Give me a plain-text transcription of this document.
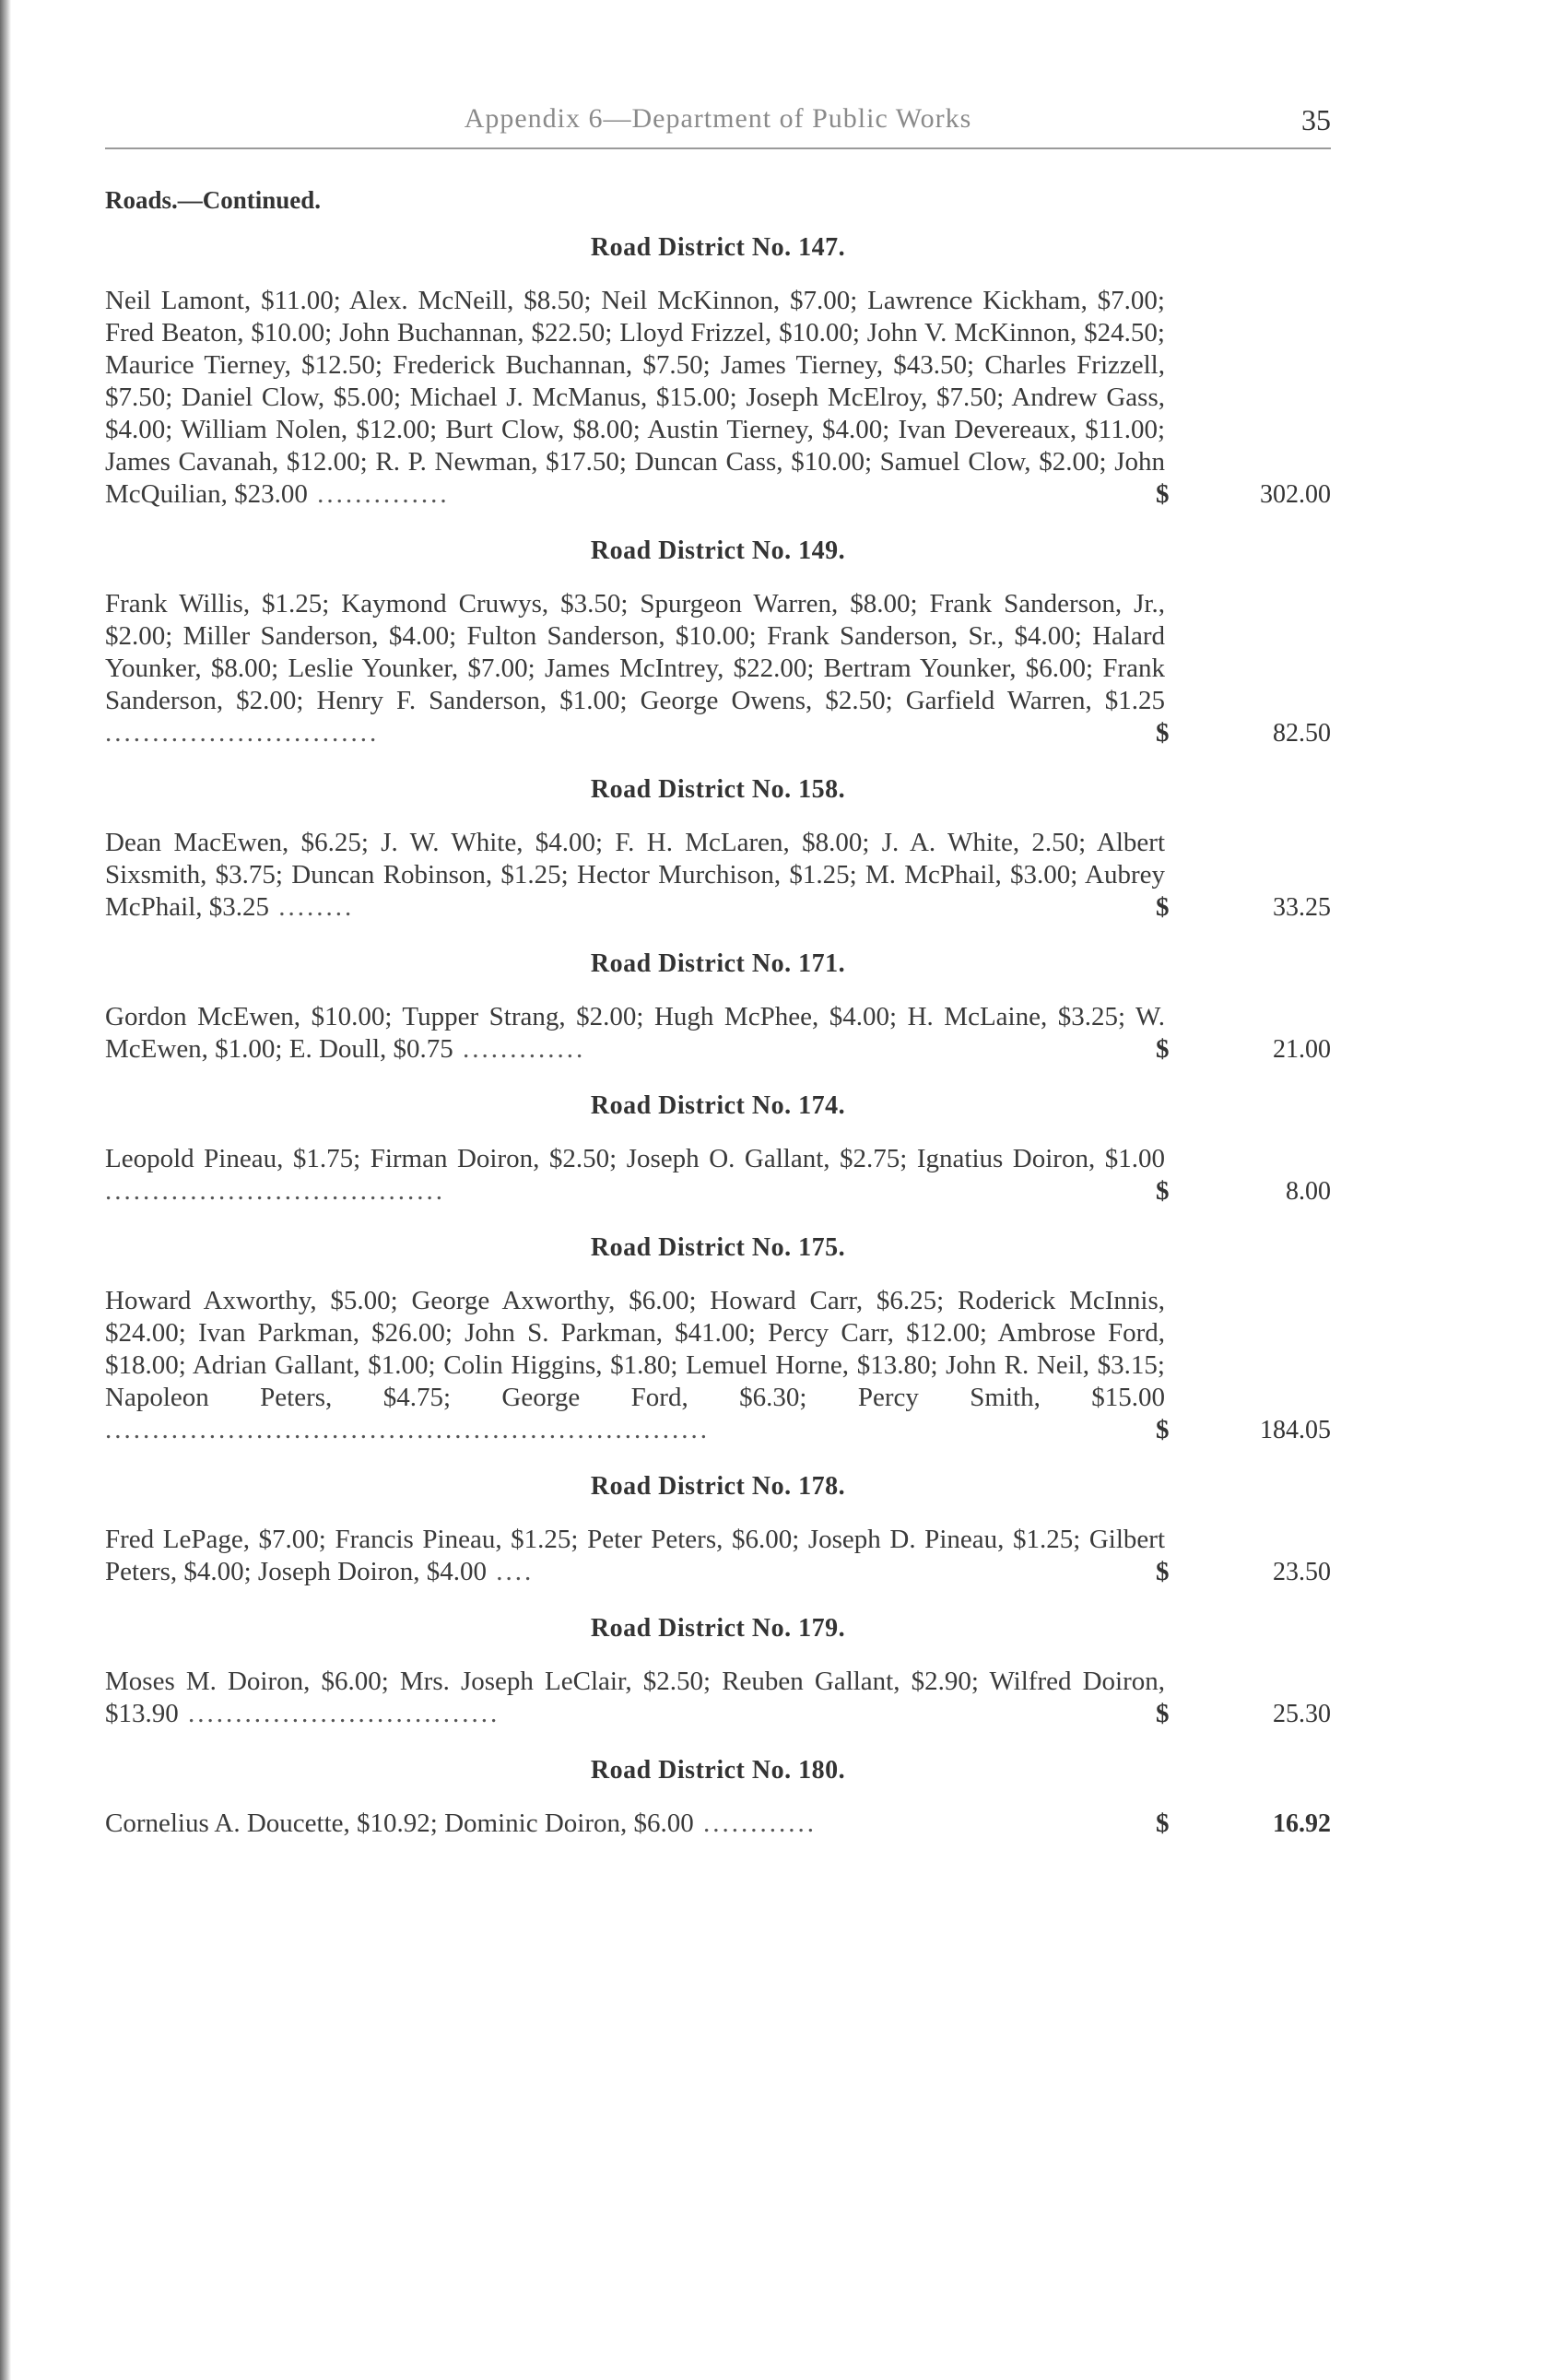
Appendix 6—Department of Public Works	35
Roads.—Continued.
Road District No. 147.
Neil Lamont, $11.00; Alex. McNeill, $8.50; Neil McKinnon, $7.00; Lawrence Kickham, $7.00; Fred Beaton, $10.00; John Buchannan, $22.50; Lloyd Frizzel, $10.00; John V. McKinnon, $24.50; Maurice Tierney, $12.50; Frederick Buchannan, $7.50; James Tierney, $43.50; Charles Frizzell, $7.50; Daniel Clow, $5.00; Michael J. McManus, $15.00; Joseph McElroy, $7.50; Andrew Gass, $4.00; William Nolen, $12.00; Burt Clow, $8.00; Austin Tierney, $4.00; Ivan Devereaux, $11.00; James Cavanah, $12.00; R. P. Newman, $17.50; Duncan Cass, $10.00; Samuel Clow, $2.00; John McQuilian, $23.00 ..............	$	302.00
Road District No. 149.
Frank Willis, $1.25; Kaymond Cruwys, $3.50; Spurgeon Warren, $8.00; Frank Sanderson, Jr., $2.00; Miller Sanderson, $4.00; Fulton Sanderson, $10.00; Frank Sanderson, Sr., $4.00; Halard Younker, $8.00; Leslie Younker, $7.00; James McIntrey, $22.00; Bertram Younker, $6.00; Frank Sanderson, $2.00; Henry F. Sanderson, $1.00; George Owens, $2.50; Garfield Warren, $1.25 .............................	$	82.50
Road District No. 158.
Dean MacEwen, $6.25; J. W. White, $4.00; F. H. McLaren, $8.00; J. A. White, 2.50; Albert Sixsmith, $3.75; Duncan Robinson, $1.25; Hector Murchison, $1.25; M. McPhail, $3.00; Aubrey McPhail, $3.25 ........	$	33.25
Road District No. 171.
Gordon McEwen, $10.00; Tupper Strang, $2.00; Hugh McPhee, $4.00; H. McLaine, $3.25; W. McEwen, $1.00; E. Doull, $0.75 .............	$	21.00
Road District No. 174.
Leopold Pineau, $1.75; Firman Doiron, $2.50; Joseph O. Gallant, $2.75; Ignatius Doiron, $1.00 ....................................	$	8.00
Road District No. 175.
Howard Axworthy, $5.00; George Axworthy, $6.00; Howard Carr, $6.25; Roderick McInnis, $24.00; Ivan Parkman, $26.00; John S. Parkman, $41.00; Percy Carr, $12.00; Ambrose Ford, $18.00; Adrian Gallant, $1.00; Colin Higgins, $1.80; Lemuel Horne, $13.80; John R. Neil, $3.15; Napoleon Peters, $4.75; George Ford, $6.30; Percy Smith, $15.00 ................................................................	$	184.05
Road District No. 178.
Fred LePage, $7.00; Francis Pineau, $1.25; Peter Peters, $6.00; Joseph D. Pineau, $1.25; Gilbert Peters, $4.00; Joseph Doiron, $4.00 ....	$	23.50
Road District No. 179.
Moses M. Doiron, $6.00; Mrs. Joseph LeClair, $2.50; Reuben Gallant, $2.90; Wilfred Doiron, $13.90 .................................	$	25.30
Road District No. 180.
Cornelius A. Doucette, $10.92; Dominic Doiron, $6.00 ............	$	16.92
